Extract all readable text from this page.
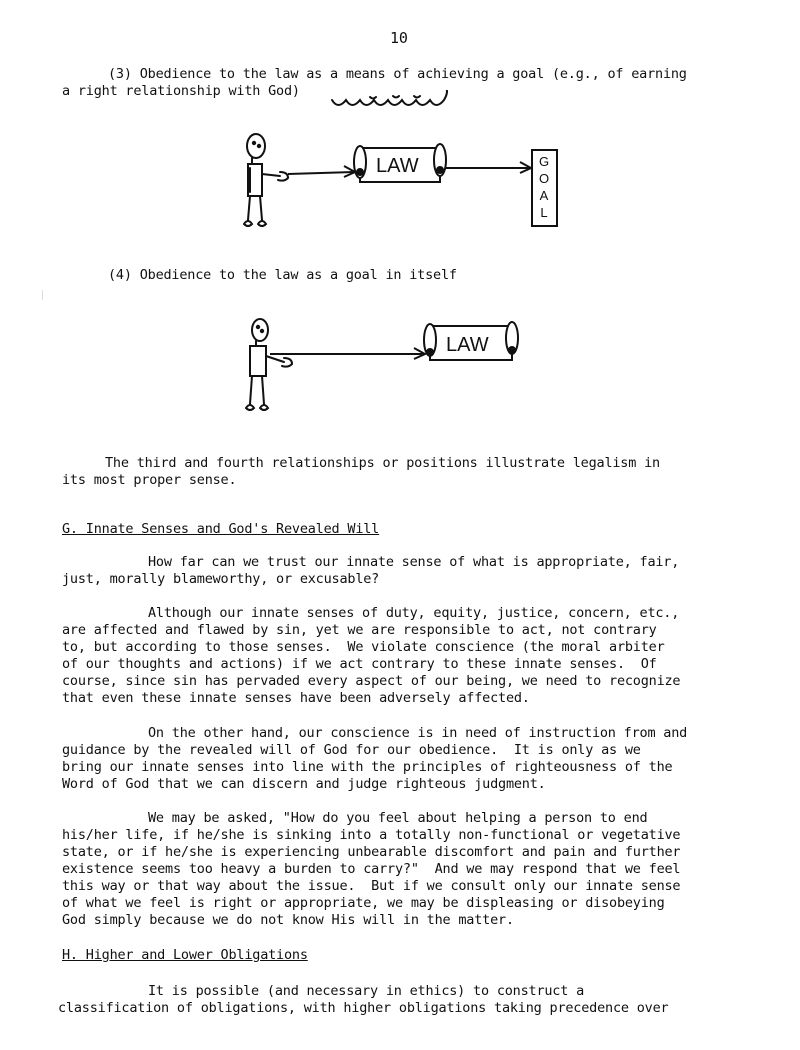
10
(3) Obedience to the law as a means of achieving a goal (e.g., of earning
a right relationship with God)
LAW	G
O
A
L
(4) Obedience to the law as a goal in itself
LAW
The third and fourth relationships or positions illustrate legalism in
its most proper sense.
G. Innate Senses and God's Revealed Will
How far can we trust our innate sense of what is appropriate, fair,
just, morally blameworthy, or excusable?
Although our innate senses of duty, equity, justice, concern, etc.,
are affected and flawed by sin, yet we are responsible to act, not contrary
to, but according to those senses.  We violate conscience (the moral arbiter
of our thoughts and actions) if we act contrary to these innate senses.  Of
course, since sin has pervaded every aspect of our being, we need to recognize
that even these innate senses have been adversely affected.
On the other hand, our conscience is in need of instruction from and
guidance by the revealed will of God for our obedience.  It is only as we
bring our innate senses into line with the principles of righteousness of the
Word of God that we can discern and judge righteous judgment.
We may be asked, "How do you feel about helping a person to end
his/her life, if he/she is sinking into a totally non-functional or vegetative
state, or if he/she is experiencing unbearable discomfort and pain and further
existence seems too heavy a burden to carry?"  And we may respond that we feel
this way or that way about the issue.  But if we consult only our innate sense
of what we feel is right or appropriate, we may be displeasing or disobeying
God simply because we do not know His will in the matter.
H. Higher and Lower Obligations
It is possible (and necessary in ethics) to construct a
classification of obligations, with higher obligations taking precedence over
